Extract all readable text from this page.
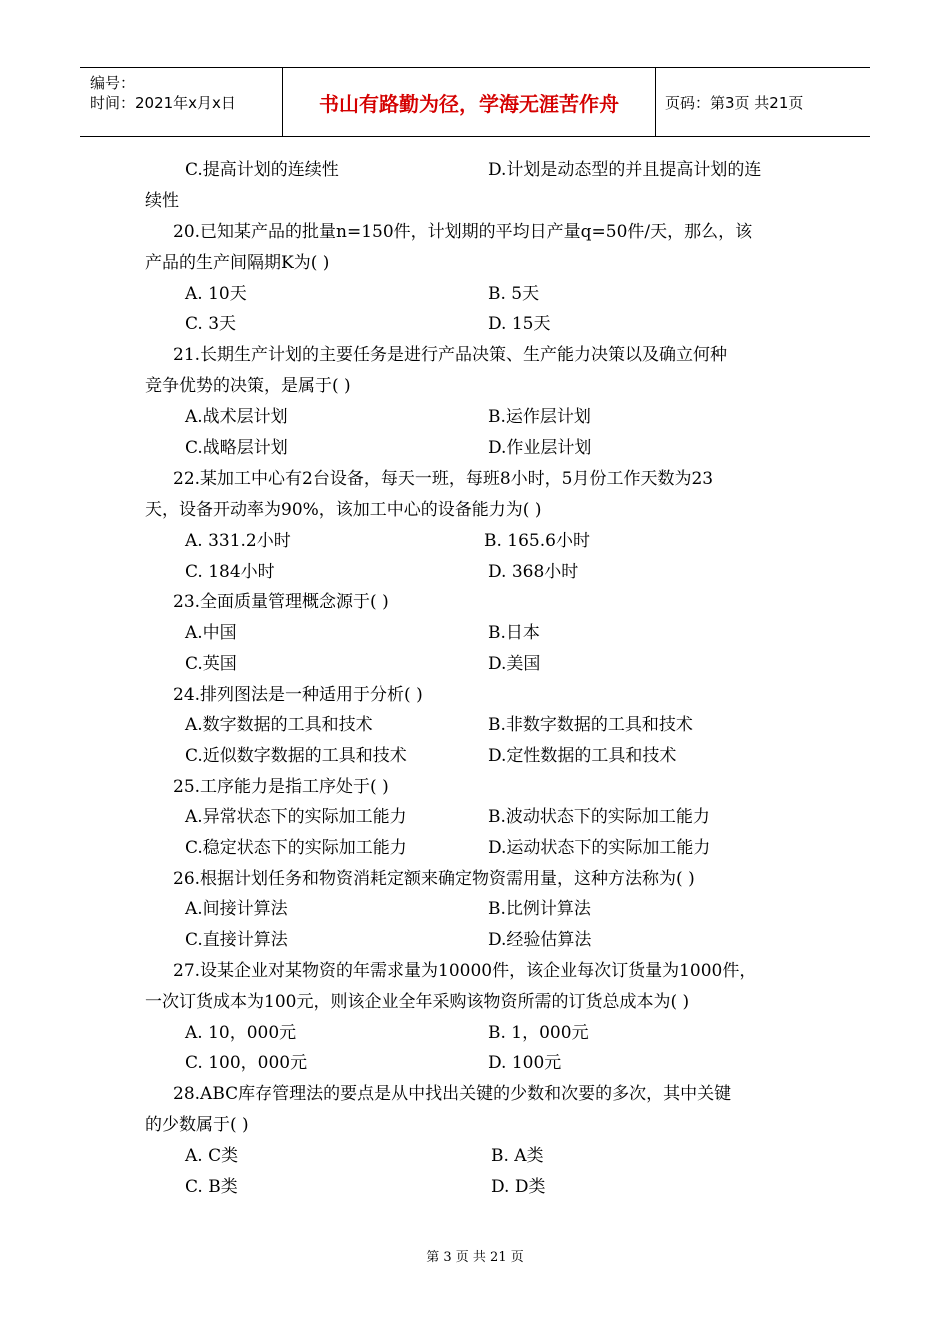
编号：
时间：2021年x月x日	书山有路勤为径，学海无涯苦作舟	页码：第3页 共21页
C.提高计划的连续性	D.计划是动态型的并且提高计划的连
续性
20.已知某产品的批量n=150件，计划期的平均日产量q=50件/天，那么，该
产品的生产间隔期K为( )
A. 10天	B. 5天
C. 3天	D. 15天
21.长期生产计划的主要任务是进行产品决策、生产能力决策以及确立何种
竞争优势的决策，是属于( )
A.战术层计划	B.运作层计划
C.战略层计划	D.作业层计划
22.某加工中心有2台设备，每天一班，每班8小时，5月份工作天数为23
天，设备开动率为90%，该加工中心的设备能力为( )
A. 331.2小时	B. 165.6小时
C. 184小时	D. 368小时
23.全面质量管理概念源于( )
A.中国	B.日本
C.英国	D.美国
24.排列图法是一种适用于分析( )
A.数字数据的工具和技术	B.非数字数据的工具和技术
C.近似数字数据的工具和技术	D.定性数据的工具和技术
25.工序能力是指工序处于( )
A.异常状态下的实际加工能力	B.波动状态下的实际加工能力
C.稳定状态下的实际加工能力	D.运动状态下的实际加工能力
26.根据计划任务和物资消耗定额来确定物资需用量，这种方法称为( )
A.间接计算法	B.比例计算法
C.直接计算法	D.经验估算法
27.设某企业对某物资的年需求量为10000件，该企业每次订货量为1000件，
一次订货成本为100元，则该企业全年采购该物资所需的订货总成本为( )
A. 10，000元	B. 1，000元
C. 100，000元	D. 100元
28.ABC库存管理法的要点是从中找出关键的少数和次要的多次，其中关键
的少数属于( )
A. C类	B. A类
C. B类	D. D类
第 3 页 共 21 页
